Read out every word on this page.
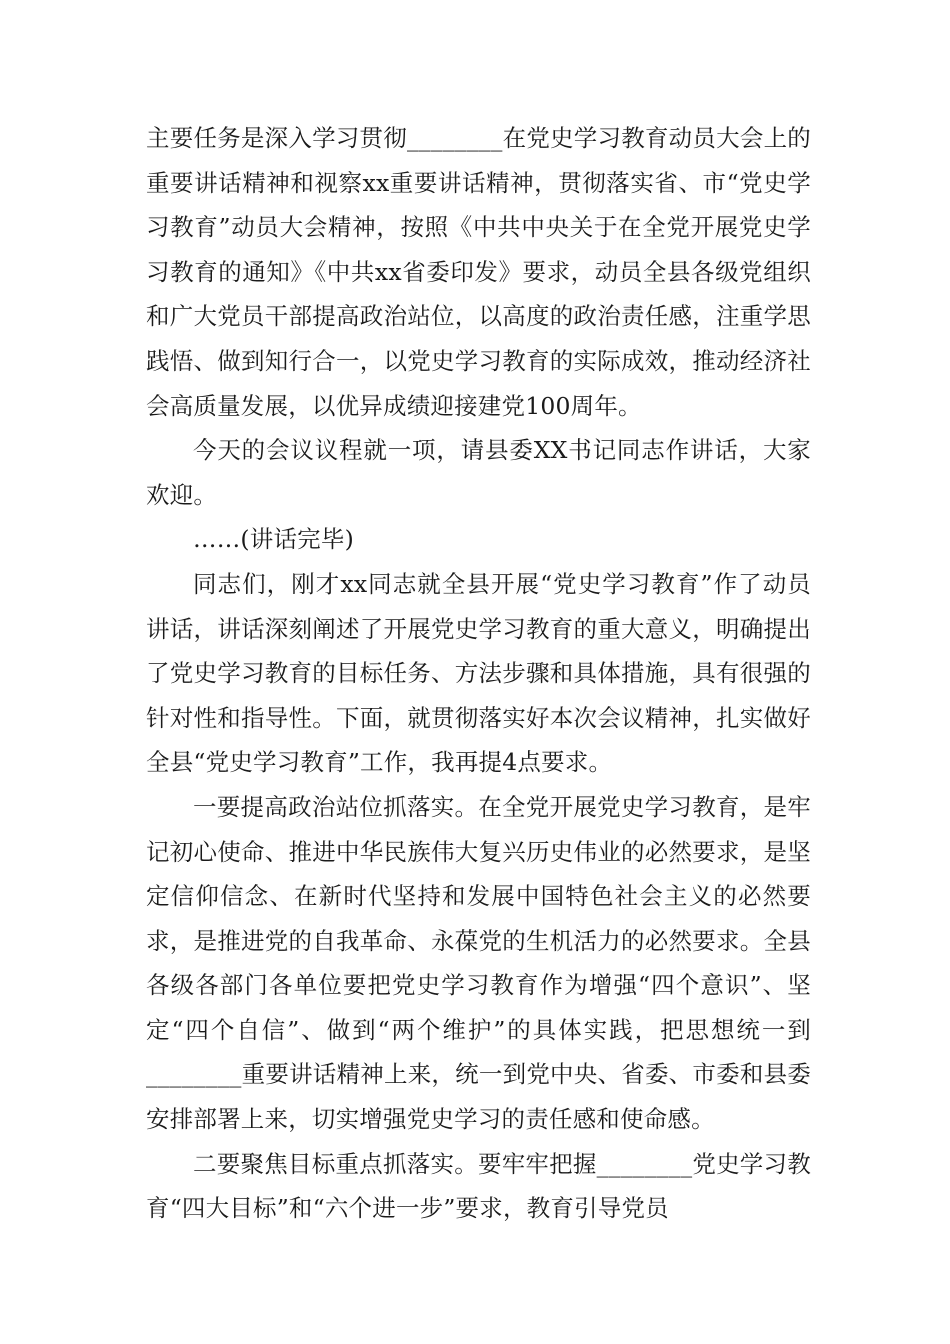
主要任务是深入学习贯彻________在党史学习教育动员大会上的重要讲话精神和视察xx重要讲话精神，贯彻落实省、市“党史学习教育”动员大会精神，按照《中共中央关于在全党开展党史学习教育的通知》《中共xx省委印发》要求，动员全县各级党组织和广大党员干部提高政治站位，以高度的政治责任感，注重学思践悟、做到知行合一，以党史学习教育的实际成效，推动经济社会高质量发展，以优异成绩迎接建党100周年。

今天的会议议程就一项，请县委XX书记同志作讲话，大家欢迎。

……(讲话完毕)

同志们，刚才xx同志就全县开展“党史学习教育”作了动员讲话，讲话深刻阐述了开展党史学习教育的重大意义，明确提出了党史学习教育的目标任务、方法步骤和具体措施，具有很强的针对性和指导性。下面，就贯彻落实好本次会议精神，扎实做好全县“党史学习教育”工作，我再提4点要求。

一要提高政治站位抓落实。在全党开展党史学习教育，是牢记初心使命、推进中华民族伟大复兴历史伟业的必然要求，是坚定信仰信念、在新时代坚持和发展中国特色社会主义的必然要求，是推进党的自我革命、永葆党的生机活力的必然要求。全县各级各部门各单位要把党史学习教育作为增强“四个意识”、坚定“四个自信”、做到“两个维护”的具体实践，把思想统一到________重要讲话精神上来，统一到党中央、省委、市委和县委安排部署上来，切实增强党史学习的责任感和使命感。

二要聚焦目标重点抓落实。要牢牢把握________党史学习教育“四大目标”和“六个进一步”要求，教育引导党员
